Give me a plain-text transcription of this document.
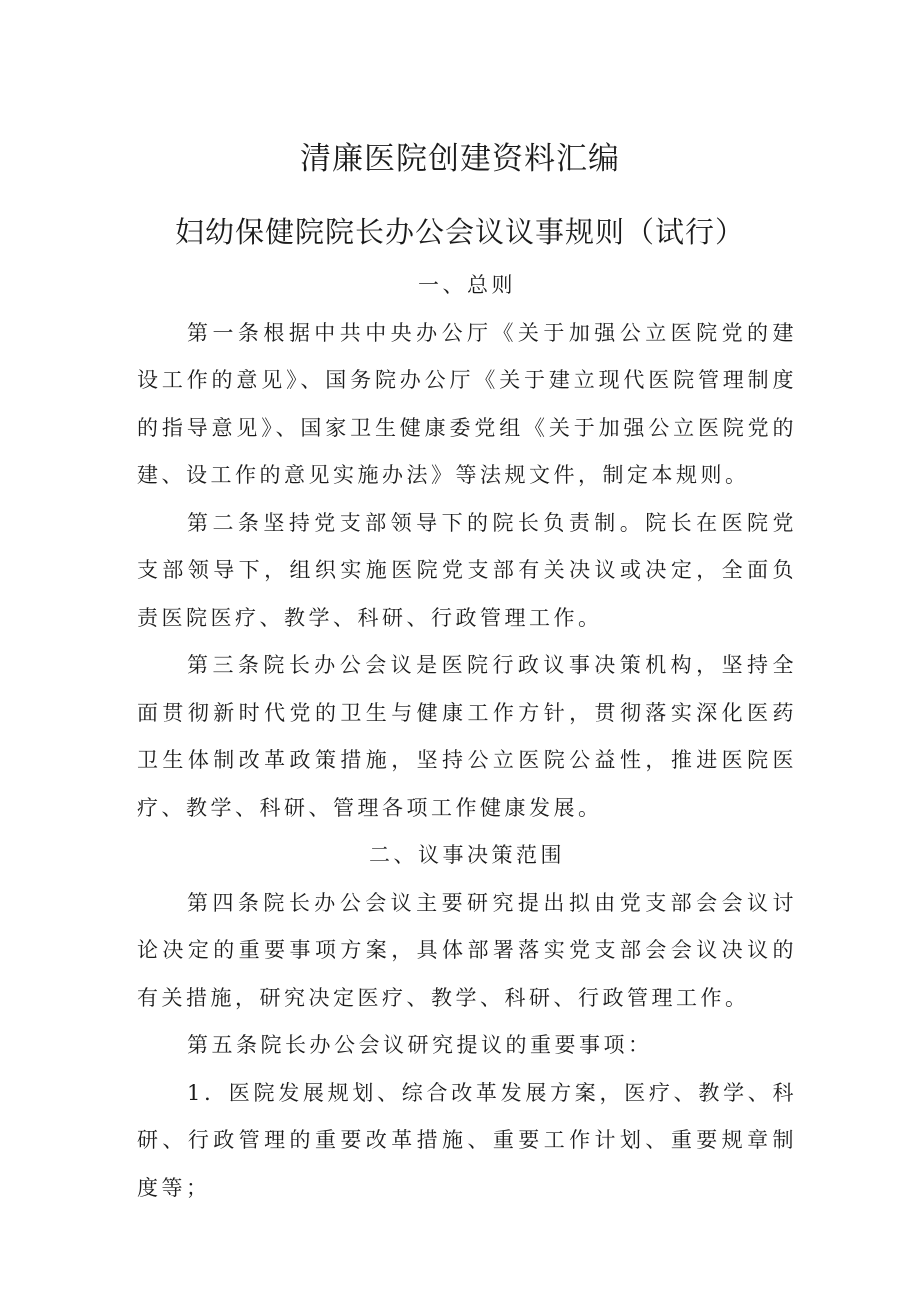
清廉医院创建资料汇编
妇幼保健院院长办公会议议事规则（试行）

一、总则

第一条根据中共中央办公厅《关于加强公立医院党的建设工作的意见》、国务院办公厅《关于建立现代医院管理制度的指导意见》、国家卫生健康委党组《关于加强公立医院党的建、设工作的意见实施办法》等法规文件，制定本规则。

第二条坚持党支部领导下的院长负责制。院长在医院党支部领导下，组织实施医院党支部有关决议或决定，全面负责医院医疗、教学、科研、行政管理工作。

第三条院长办公会议是医院行政议事决策机构，坚持全面贯彻新时代党的卫生与健康工作方针，贯彻落实深化医药卫生体制改革政策措施，坚持公立医院公益性，推进医院医疗、教学、科研、管理各项工作健康发展。

二、议事决策范围

第四条院长办公会议主要研究提出拟由党支部会会议讨论决定的重要事项方案，具体部署落实党支部会会议决议的有关措施，研究决定医疗、教学、科研、行政管理工作。

第五条院长办公会议研究提议的重要事项：

1．医院发展规划、综合改革发展方案，医疗、教学、科研、行政管理的重要改革措施、重要工作计划、重要规章制度等；
